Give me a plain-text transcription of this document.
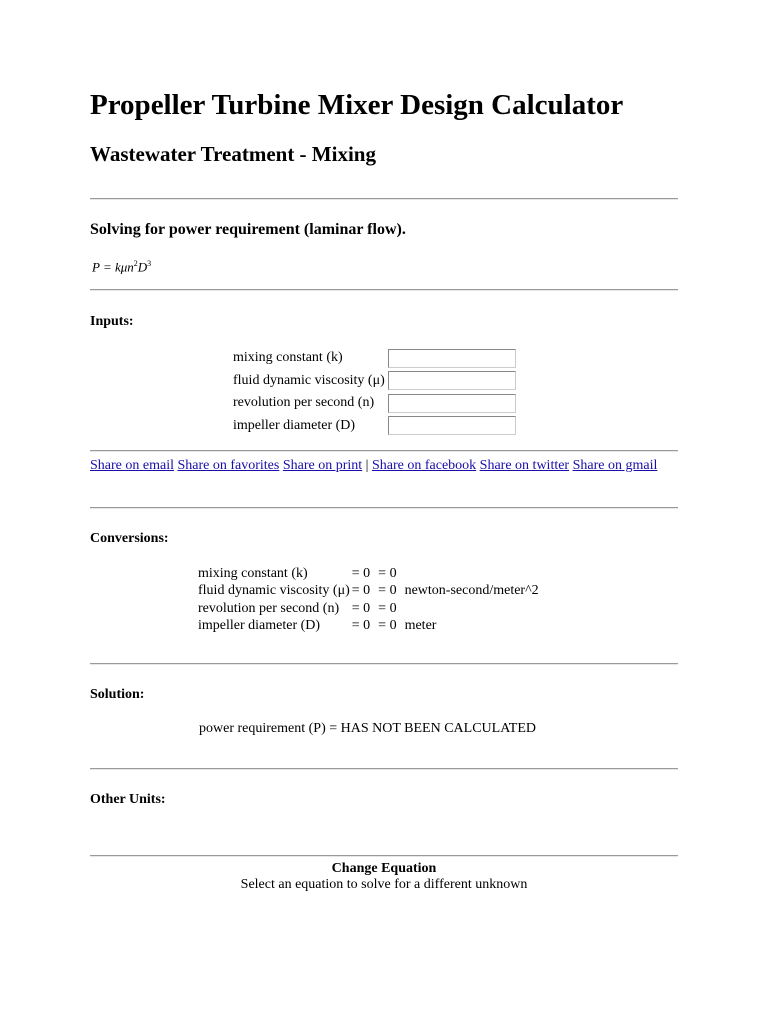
Propeller Turbine Mixer Design Calculator
Wastewater Treatment - Mixing
Solving for power requirement (laminar flow).
$P = k\mu n^2D^3$
Inputs:
mixing constant (k)	
fluid dynamic viscosity (μ)	
revolution per second (n)	
impeller diameter (D)	
Share on email Share on favorites Share on print | Share on facebook Share on twitter Share on gmail
Conversions:
mixing constant (k)	= 0	= 0	
fluid dynamic viscosity (μ)	= 0	= 0	newton-second/meter^2
revolution per second (n)	= 0	= 0	
impeller diameter (D)	= 0	= 0	meter
Solution:
power requirement (P) = HAS NOT BEEN CALCULATED
Other Units:
Change Equation
Select an equation to solve for a different unknown
